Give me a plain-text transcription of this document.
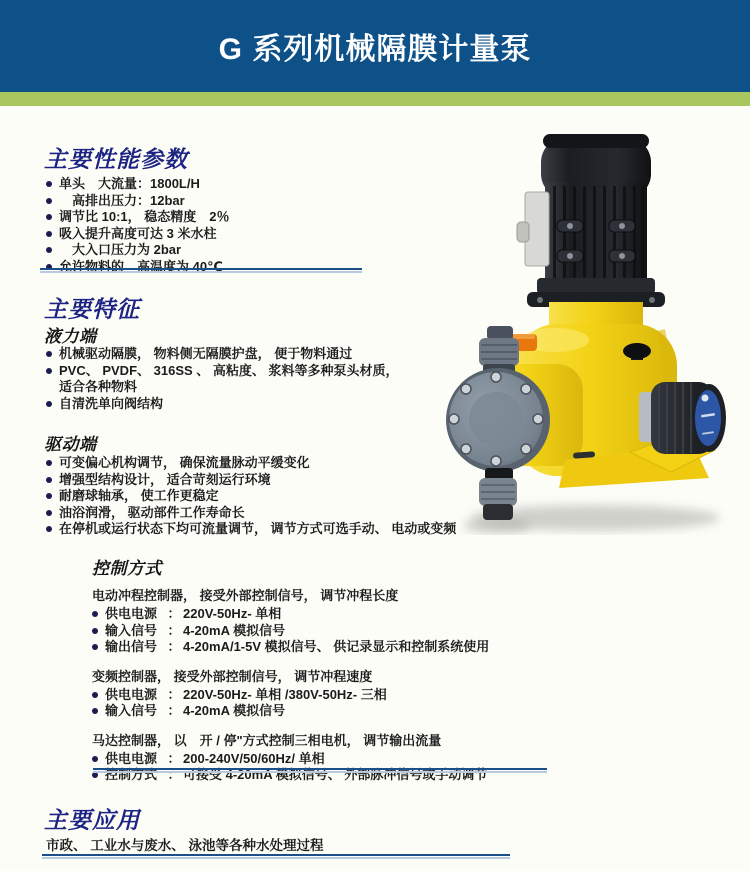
G 系列机械隔膜计量泵
主要性能参数
单头　大流量：1800L/H
　高排出压力：12bar
调节比 10:1， 稳态精度　2％
吸入提升高度可达 3 米水柱
　大入口压力为 2bar
允许物料的　高温度为 40℃
主要特征
液力端
机械驱动隔膜， 物料侧无隔膜护盘， 便于物料通过
PVC、 PVDF、 316SS 、 高粘度、 浆料等多种泵头材质， 适合各种物料
自清洗单向阀结构
驱动端
可变偏心机构调节， 确保流量脉动平缓变化
增强型结构设计， 适合苛刻运行环境
耐磨球轴承， 使工作更稳定
油浴润滑， 驱动部件工作寿命长
在停机或运行状态下均可流量调节， 调节方式可选手动、 电动或变频
控制方式

电动冲程控制器， 接受外部控制信号， 调节冲程长度

供电电源 ： 220V-50Hz- 单相
输入信号 ： 4-20mA 模拟信号
输出信号 ： 4-20mA/1-5V 模拟信号、 供记录显示和控制系统使用

变频控制器， 接受外部控制信号， 调节冲程速度

供电电源 ： 220V-50Hz- 单相 /380V-50Hz- 三相
输入信号 ： 4-20mA 模拟信号

马达控制器， 以　开 / 停"方式控制三相电机， 调节输出流量

供电电源 ： 200-240V/50/60Hz/ 单相
控制方式 ： 可接受 4-20mA 模拟信号、 外部脉冲信号或手动调节
主要应用

市政、 工业水与废水、 泳池等各种水处理过程
